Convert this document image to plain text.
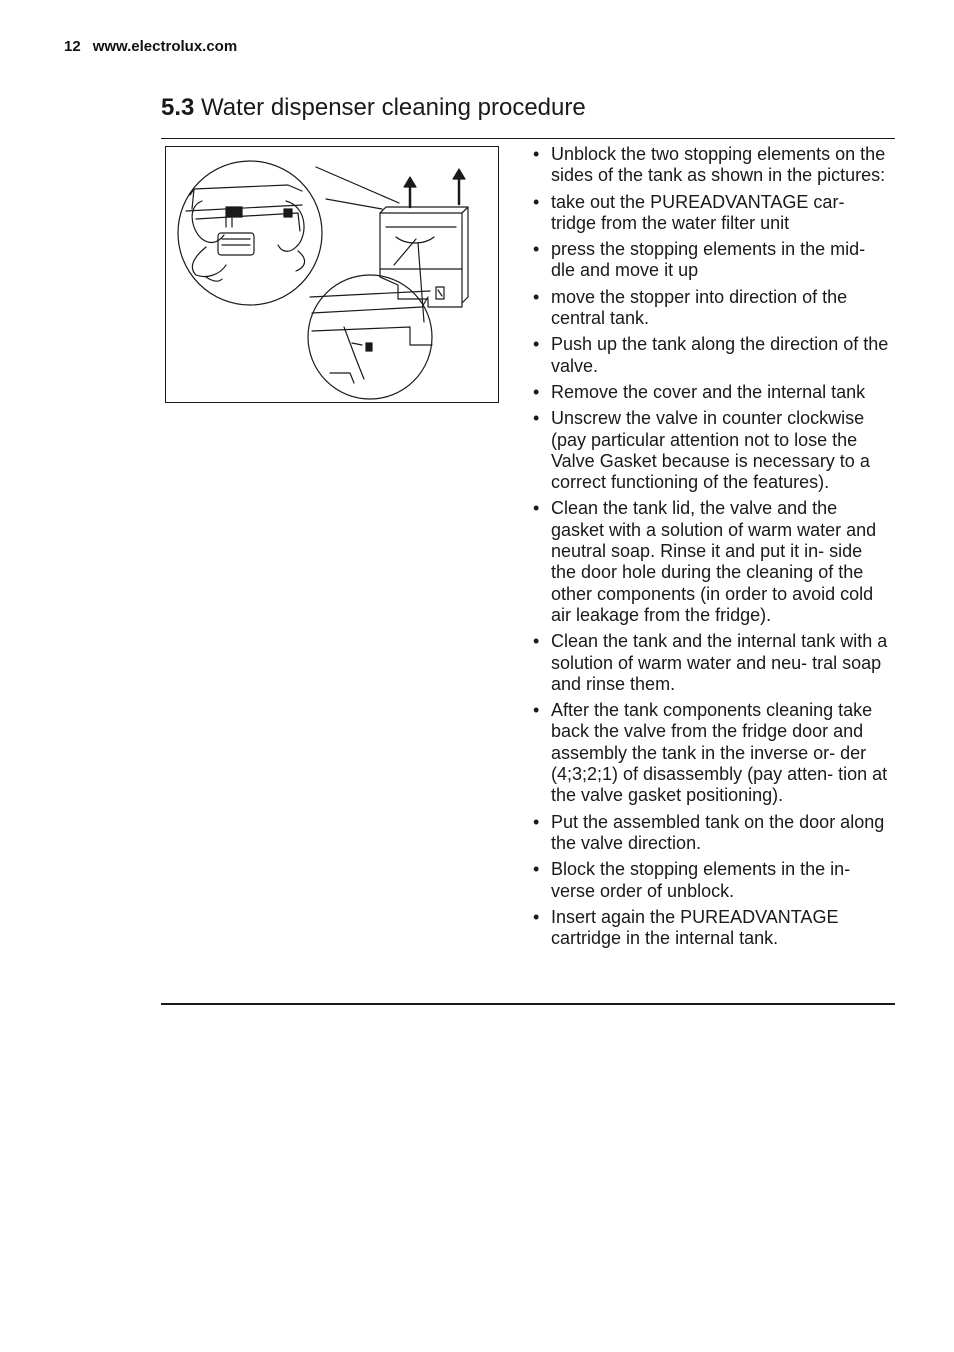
12 www.electrolux.com
5.3 Water dispenser cleaning procedure
• Unblock the two stopping elements on the sides of the tank as shown in the pictures:
• take out the PUREADVANTAGE car- tridge from the water filter unit
• press the stopping elements in the mid- dle and move it up
• move the stopper into direction of the central tank.
• Push up the tank along the direction of the valve.
• Remove the cover and the internal tank
• Unscrew the valve in counter clockwise (pay particular attention not to lose the Valve Gasket because is necessary to a correct functioning of the features).
• Clean the tank lid, the valve and the gasket with a solution of warm water and neutral soap. Rinse it and put it in- side the door hole during the cleaning of the other components (in order to avoid cold air leakage from the fridge).
• Clean the tank and the internal tank with a solution of warm water and neu- tral soap and rinse them.
• After the tank components cleaning take back the valve from the fridge door and assembly the tank in the inverse or- der (4;3;2;1) of disassembly (pay atten- tion at the valve gasket positioning).
• Put the assembled tank on the door along the valve direction.
• Block the stopping elements in the in- verse order of unblock.
• Insert again the PUREADVANTAGE cartridge in the internal tank.
